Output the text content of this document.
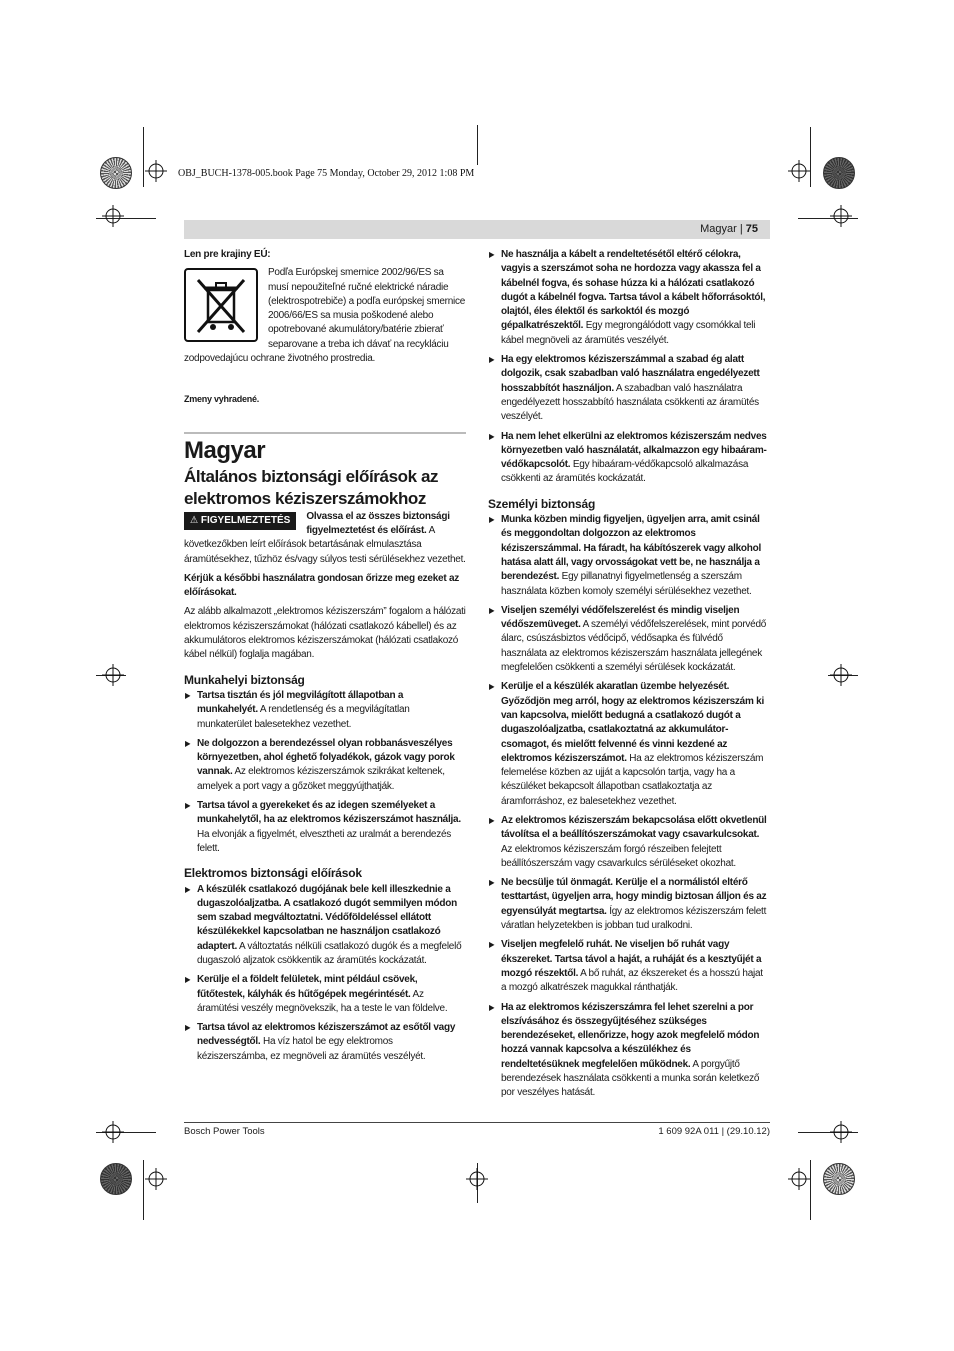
OBJ_BUCH-1378-005.book Page 75 Monday, October 29, 2012 1:08 PM
Magyar | 75

Len pre krajiny EÚ:

Podľa Európskej smernice 2002/96/ES sa musí nepoužiteľné ručné elektrické náradie (elektrospotrebiče) a podľa európskej smernice 2006/66/ES sa musia poškodené alebo opotrebované akumulátory/batérie zbierať separovane a treba ich dávať na recykláciu zodpovedajúcu ochrane životného prostredia.

Zmeny vyhradené.

Magyar

Általános biztonsági előírások az elektromos kéziszerszámokhoz

⚠ FIGYELMEZTETÉS	Olvassa el az összes biztonsági figyelmeztetést és előírást. A következőkben leírt előírások betartásának elmulasztása áramütésekhez, tűzhöz és/vagy súlyos testi sérülésekhez vezethet.

Kérjük a későbbi használatra gondosan őrizze meg ezeket az előírásokat.

Az alább alkalmazott „elektromos kéziszerszám” fogalom a hálózati elektromos kéziszerszámokat (hálózati csatlakozó kábellel) és az akkumulátoros elektromos kéziszerszámokat (hálózati csatlakozó kábel nélkül) foglalja magában.

Munkahelyi biztonság

▶ Tartsa tisztán és jól megvilágított állapotban a munkahelyét. A rendetlenség és a megvilágítatlan munkaterület balesetekhez vezethet.
▶ Ne dolgozzon a berendezéssel olyan robbanásveszélyes környezetben, ahol éghető folyadékok, gázok vagy porok vannak. Az elektromos kéziszerszámok szikrákat keltenek, amelyek a port vagy a gőzöket meggyújthatják.
▶ Tartsa távol a gyerekeket és az idegen személyeket a munkahelytől, ha az elektromos kéziszerszámot használja. Ha elvonják a figyelmét, elvesztheti az uralmát a berendezés felett.

Elektromos biztonsági előírások

▶ A készülék csatlakozó dugójának bele kell illeszkednie a dugaszolóaljzatba. A csatlakozó dugót semmilyen módon sem szabad megváltoztatni. Védőföldeléssel ellátott készülékekkel kapcsolatban ne használjon csatlakozó adaptert. A változtatás nélküli csatlakozó dugók és a megfelelő dugaszoló aljzatok csökkentik az áramütés kockázatát.
▶ Kerülje el a földelt felületek, mint például csövek, fűtőtestek, kályhák és hűtőgépek megérintését. Az áramütési veszély megnövekszik, ha a teste le van földelve.
▶ Tartsa távol az elektromos kéziszerszámot az esőtől vagy nedvességtől. Ha víz hatol be egy elektromos kéziszerszámba, ez megnöveli az áramütés veszélyét.
▶ Ne használja a kábelt a rendeltetésétől eltérő célokra, vagyis a szerszámot soha ne hordozza vagy akassza fel a kábelnél fogva, és sohase húzza ki a hálózati csatlakozó dugót a kábelnél fogva. Tartsa távol a kábelt hőforrásoktól, olajtól, éles élektől és sarkoktól és mozgó gépalkatrészektől. Egy megrongálódott vagy csomókkal teli kábel megnöveli az áramütés veszélyét.
▶ Ha egy elektromos kéziszerszámmal a szabad ég alatt dolgozik, csak szabadban való használatra engedélyezett hosszabbítót használjon. A szabadban való használatra engedélyezett hosszabbító használata csökkenti az áramütés veszélyét.
▶ Ha nem lehet elkerülni az elektromos kéziszerszám nedves környezetben való használatát, alkalmazzon egy hibaáram-védőkapcsolót. Egy hibaáram-védőkapcsoló alkalmazása csökkenti az áramütés kockázatát.

Személyi biztonság

▶ Munka közben mindig figyeljen, ügyeljen arra, amit csinál és meggondoltan dolgozzon az elektromos kéziszerszámmal. Ha fáradt, ha kábítószerek vagy alkohol hatása alatt áll, vagy orvosságokat vett be, ne használja a berendezést. Egy pillanatnyi figyelmetlenség a szerszám használata közben komoly személyi sérülésekhez vezethet.
▶ Viseljen személyi védőfelszerelést és mindig viseljen védőszemüveget. A személyi védőfelszerelések, mint porvédő álarc, csúszásbiztos védőcipő, védősapka és fülvédő használata az elektromos kéziszerszám használata jellegének megfelelően csökkenti a személyi sérülések kockázatát.
▶ Kerülje el a készülék akaratlan üzembe helyezését. Győződjön meg arról, hogy az elektromos kéziszerszám ki van kapcsolva, mielőtt bedugná a csatlakozó dugót a dugaszolóaljzatba, csatlakoztatná az akkumulátor-csomagot, és mielőtt felvenné és vinni kezdené az elektromos kéziszerszámot. Ha az elektromos kéziszerszám felemelése közben az ujját a kapcsolón tartja, vagy ha a készüléket bekapcsolt állapotban csatlakoztatja az áramforráshoz, ez balesetekhez vezethet.
▶ Az elektromos kéziszerszám bekapcsolása előtt okvetlenül távolítsa el a beállítószerszámokat vagy csavarkulcsokat. Az elektromos kéziszerszám forgó részeiben felejtett beállítószerszám vagy csavarkulcs sérüléseket okozhat.
▶ Ne becsülje túl önmagát. Kerülje el a normálistól eltérő testtartást, ügyeljen arra, hogy mindig biztosan álljon és az egyensúlyát megtartsa. Így az elektromos kéziszerszám felett váratlan helyzetekben is jobban tud uralkodni.
▶ Viseljen megfelelő ruhát. Ne viseljen bő ruhát vagy ékszereket. Tartsa távol a haját, a ruháját és a kesztyűjét a mozgó részektől. A bő ruhát, az ékszereket és a hosszú hajat a mozgó alkatrészek magukkal ránthatják.
▶ Ha az elektromos kéziszerszámra fel lehet szerelni a por elszívásához és összegyűjtéséhez szükséges berendezéseket, ellenőrizze, hogy azok megfelelő módon hozzá vannak kapcsolva a készülékhez és rendeltetésüknek megfelelően működnek. A porgyűjtő berendezések használata csökkenti a munka során keletkező por veszélyes hatását.
Bosch Power Tools	1 609 92A 011 | (29.10.12)
